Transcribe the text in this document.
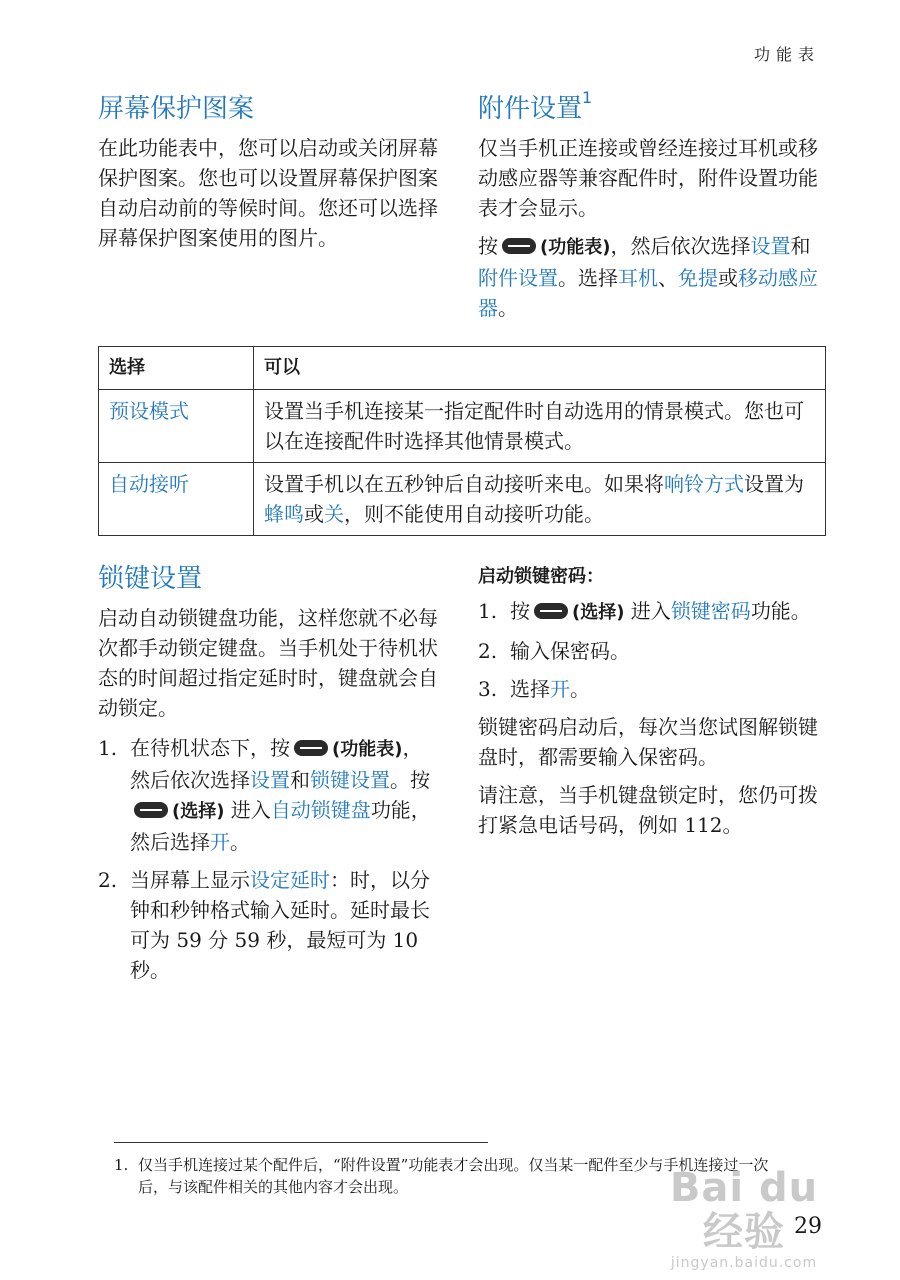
功能表
屏幕保护图案

在此功能表中，您可以启动或关闭屏幕保护图案。您也可以设置屏幕保护图案自动启动前的等候时间。您还可以选择屏幕保护图案使用的图片。

附件设置$^1$

仅当手机正连接或曾经连接过耳机或移动感应器等兼容配件时，附件设置功能表才会显示。

按 (功能表)，然后依次选择设置和附件设置。选择耳机、免提或移动感应器。

选择	可以
预设模式	设置当手机连接某一指定配件时自动选用的情景模式。您也可以在连接配件时选择其他情景模式。
自动接听	设置手机以在五秒钟后自动接听来电。如果将响铃方式设置为蜂鸣或关，则不能使用自动接听功能。
锁键设置

启动自动锁键盘功能，这样您就不必每次都手动锁定键盘。当手机处于待机状态的时间超过指定延时时，键盘就会自动锁定。

1. 在待机状态下，按 (功能表)，然后依次选择设置和锁键设置。按(选择) 进入自动锁键盘功能，然后选择开。
2. 当屏幕上显示设定延时：时，以分钟和秒钟格式输入延时。延时最长可为 59 分 59 秒，最短可为 10 秒。
启动锁键密码：
1. 按 (选择) 进入锁键密码功能。
2. 输入保密码。
3. 选择开。

锁键密码启动后，每次当您试图解锁键盘时，都需要输入保密码。

请注意，当手机键盘锁定时，您仍可拨打紧急电话号码，例如 112。

1. 仅当手机连接过某个配件后，“附件设置”功能表才会出现。仅当某一配件至少与手机连接过一次后，与该配件相关的其他内容才会出现。	Bai du 经验
jingyan.baidu.com
29
